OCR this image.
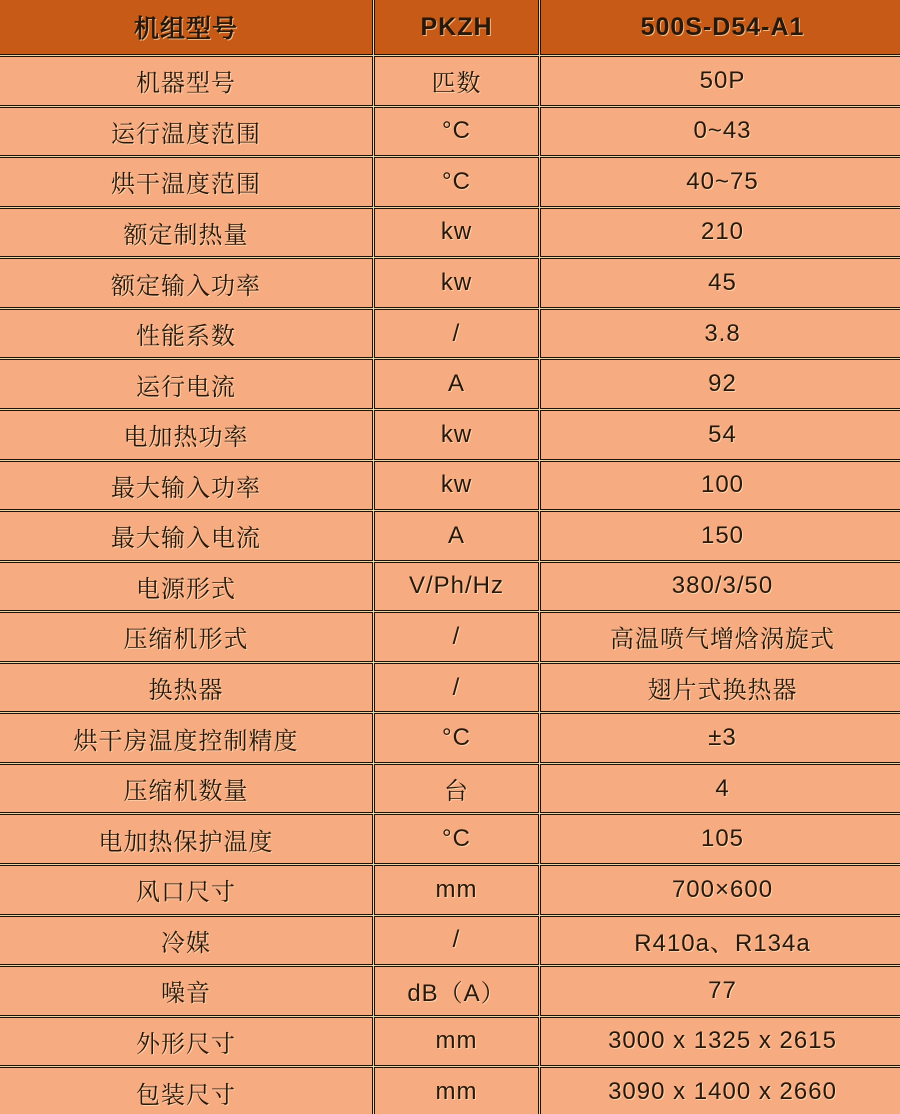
机组型号	PKZH	500S-D54-A1
机器型号	匹数	50P
运行温度范围	°C	0~43
烘干温度范围	°C	40~75
额定制热量	kw	210
额定输入功率	kw	45
性能系数	/	3.8
运行电流	A	92
电加热功率	kw	54
最大输入功率	kw	100
最大输入电流	A	150
电源形式	V/Ph/Hz	380/3/50
压缩机形式	/	高温喷气增焓涡旋式
换热器	/	翅片式换热器
烘干房温度控制精度	°C	±3
压缩机数量	台	4
电加热保护温度	°C	105
风口尺寸	mm	700×600
冷媒	/	R410a、R134a
噪音	dB（A）	77
外形尺寸	mm	3000 x 1325 x 2615
包装尺寸	mm	3090 x 1400 x 2660
